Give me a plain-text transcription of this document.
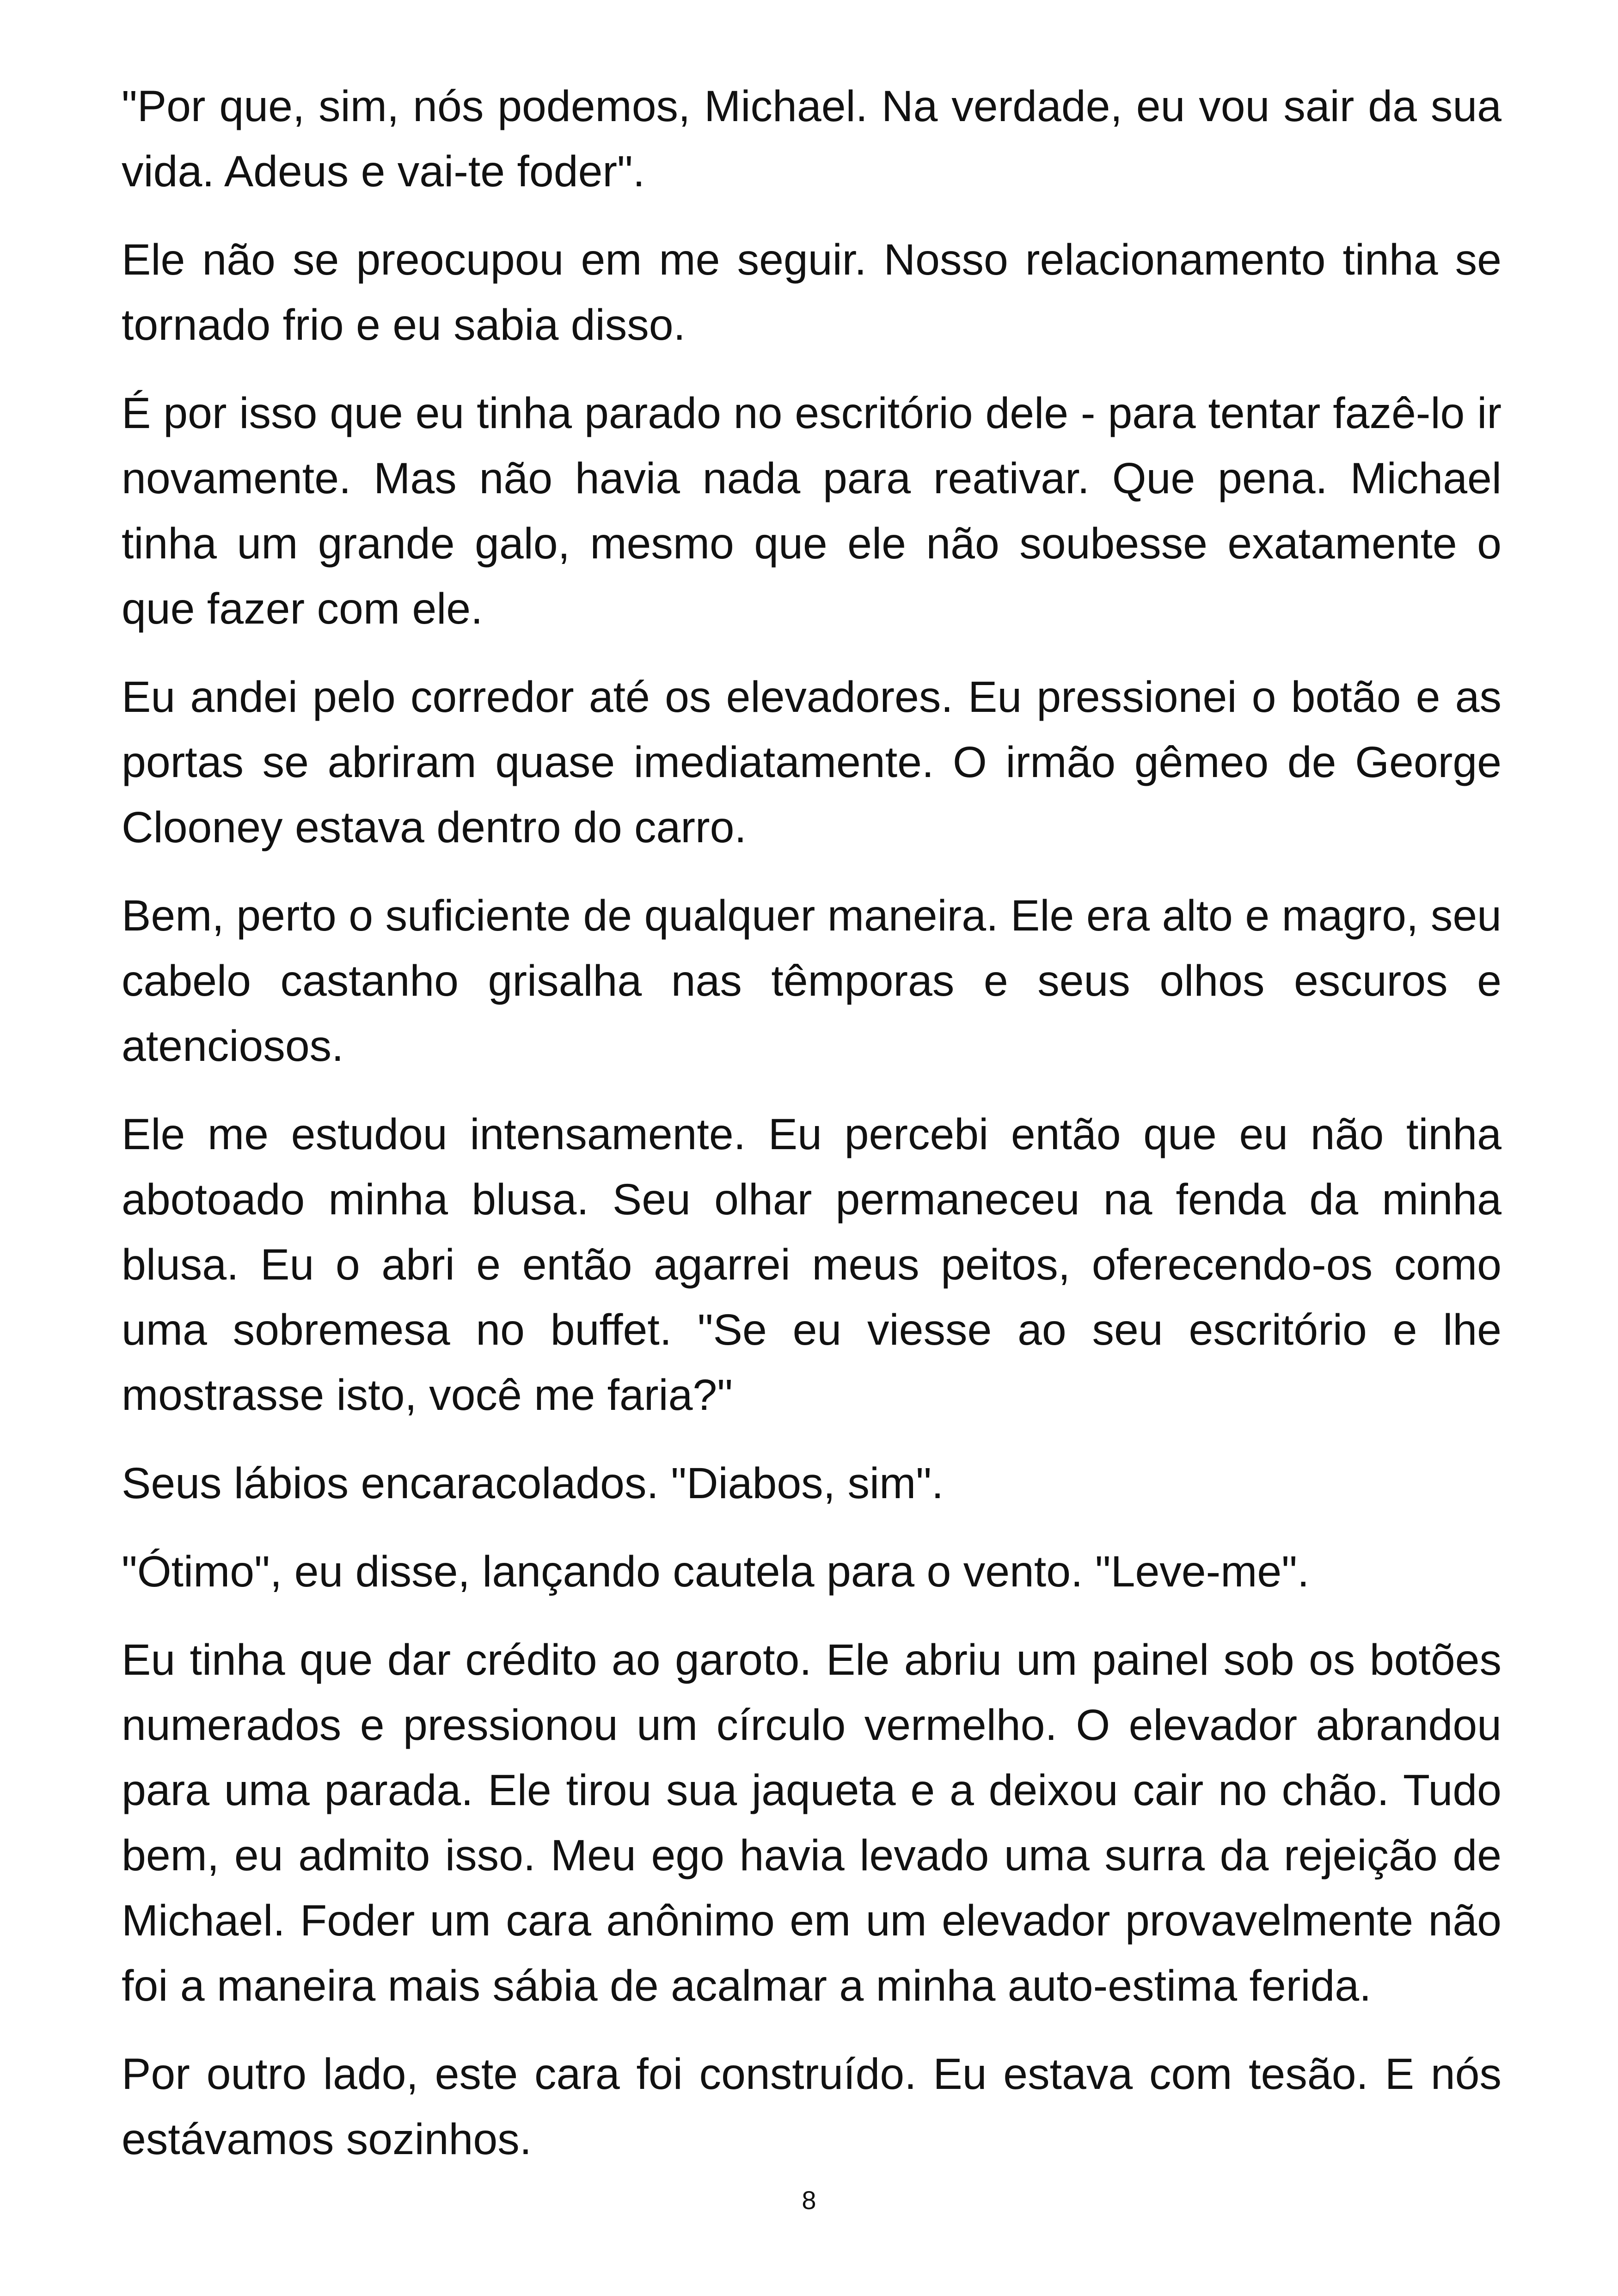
"Por que, sim, nós podemos, Michael. Na verdade, eu vou sair da sua vida. Adeus e vai-te foder".

Ele não se preocupou em me seguir. Nosso relacionamento tinha se tornado frio e eu sabia disso.

É por isso que eu tinha parado no escritório dele - para tentar fazê-lo ir novamente. Mas não havia nada para reativar. Que pena. Michael tinha um grande galo, mesmo que ele não soubesse exatamente o que fazer com ele.

Eu andei pelo corredor até os elevadores. Eu pressionei o botão e as portas se abriram quase imediatamente. O irmão gêmeo de George Clooney estava dentro do carro.

Bem, perto o suficiente de qualquer maneira. Ele era alto e magro, seu cabelo castanho grisalha nas têmporas e seus olhos escuros e atenciosos.

Ele me estudou intensamente. Eu percebi então que eu não tinha abotoado minha blusa. Seu olhar permaneceu na fenda da minha blusa. Eu o abri e então agarrei meus peitos, oferecendo-os como uma sobremesa no buffet. "Se eu viesse ao seu escritório e lhe mostrasse isto, você me faria?"

Seus lábios encaracolados. "Diabos, sim".

"Ótimo", eu disse, lançando cautela para o vento. "Leve-me".

Eu tinha que dar crédito ao garoto. Ele abriu um painel sob os botões numerados e pressionou um círculo vermelho. O elevador abrandou para uma parada. Ele tirou sua jaqueta e a deixou cair no chão. Tudo bem, eu admito isso. Meu ego havia levado uma surra da rejeição de Michael. Foder um cara anônimo em um elevador provavelmente não foi a maneira mais sábia de acalmar a minha auto-estima ferida.

Por outro lado, este cara foi construído. Eu estava com tesão. E nós estávamos sozinhos.

8
